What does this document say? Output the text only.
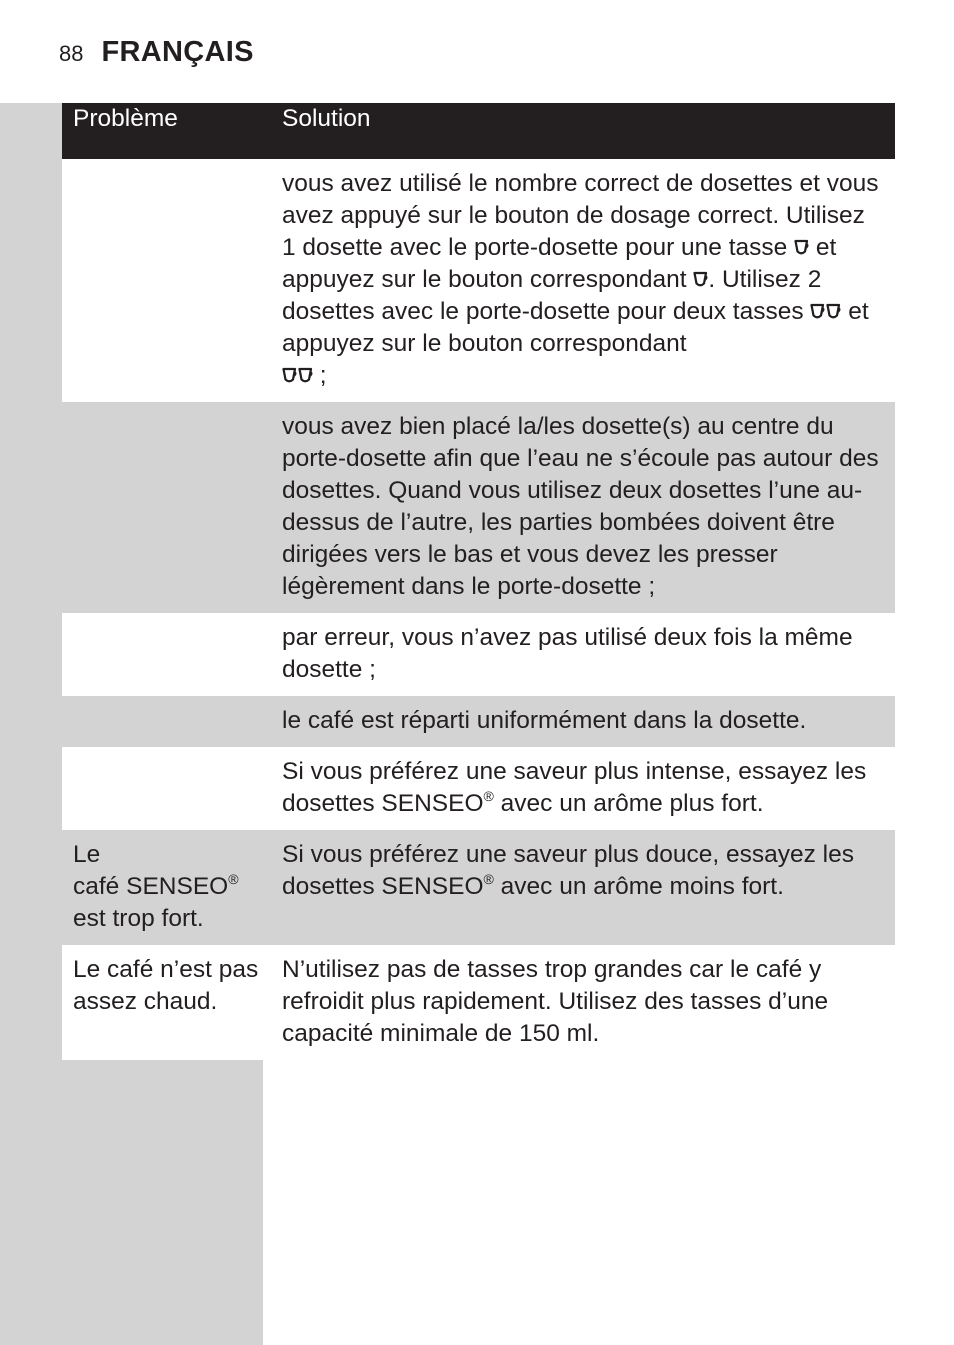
88 FRANÇAIS
Problème	Solution
	vous avez utilisé le nombre correct de dosettes et vous avez appuyé sur le bouton de dosage correct. Utilisez 1 dosette avec le porte-dosette pour une tasse
et appuyez sur le bouton correspondant
. Utilisez 2 dosettes avec le porte-dosette pour deux tasses
et appuyez sur le bouton correspondant

;
	vous avez bien placé la/les dosette(s) au centre du porte-dosette afin que l’eau ne s’écoule pas autour des dosettes. Quand vous utilisez deux dosettes l’une au-dessus de l’autre, les parties bombées doivent être dirigées vers le bas et vous devez les presser légèrement dans le porte-dosette ;
	par erreur, vous n’avez pas utilisé deux fois la même dosette ;
	le café est réparti uniformément dans la dosette.
	Si vous préférez une saveur plus intense, essayez les dosettes SENSEO® avec un arôme plus fort.
Le
café SENSEO®
est trop fort.	Si vous préférez une saveur plus douce, essayez les dosettes SENSEO® avec un arôme moins fort.
Le café n’est pas assez chaud.	N’utilisez pas de tasses trop grandes car le café y refroidit plus rapidement. Utilisez des tasses d’une capacité minimale de 150 ml.
